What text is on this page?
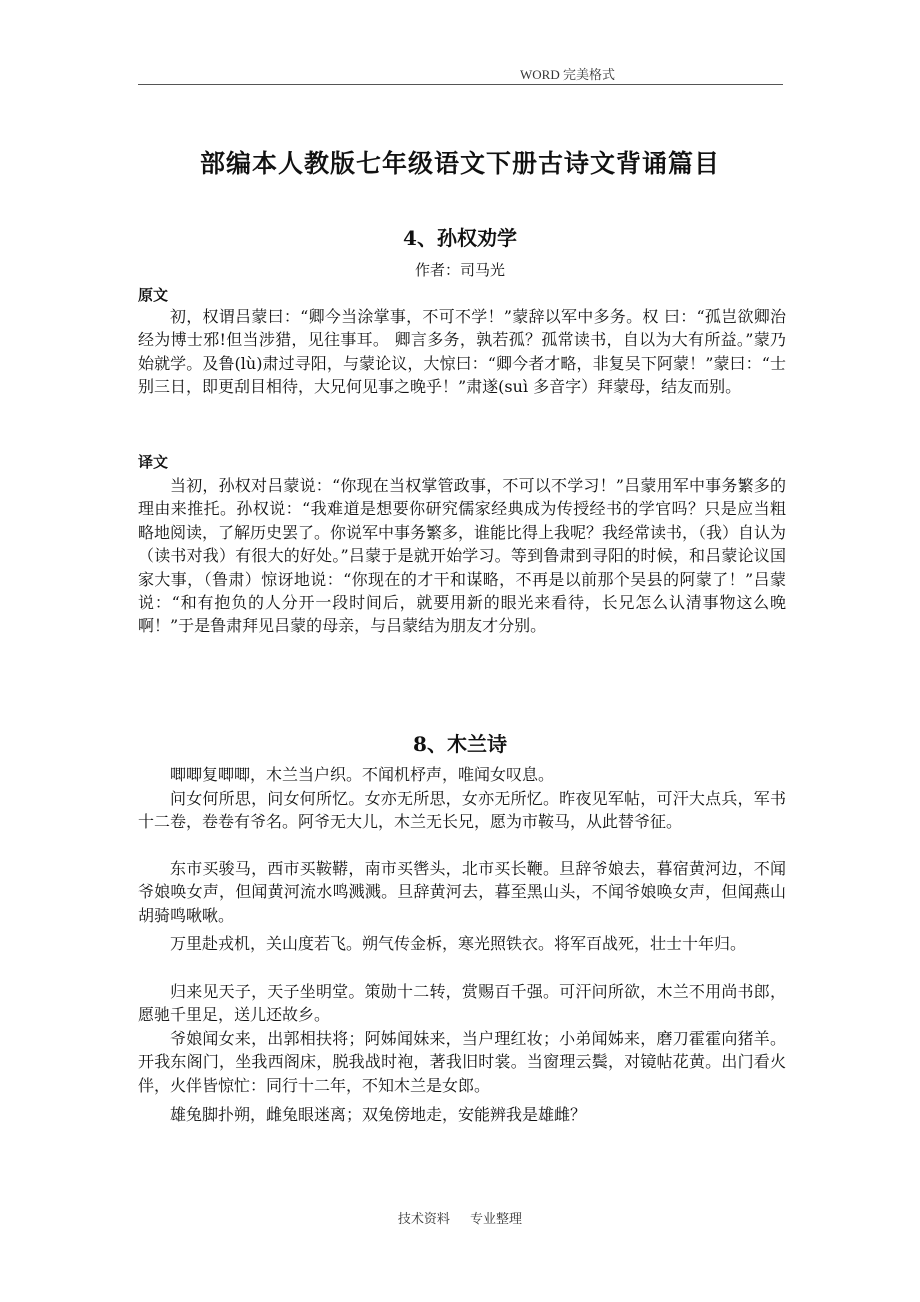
WORD 完美格式
部编本人教版七年级语文下册古诗文背诵篇目
4、孙权劝学
作者：司马光
原文

初，权谓吕蒙曰：“卿今当涂掌事，不可不学！”蒙辞以军中多务。权 曰：“孤岂欲卿治经为博士邪!但当涉猎，见往事耳。 卿言多务，孰若孤？孤常读书，自以为大有所益。”蒙乃始就学。及鲁(lù)肃过寻阳，与蒙论议，大惊曰：“卿今者才略，非复吴下阿蒙！”蒙曰：“士别三日，即更刮目相待，大兄何见事之晚乎！”肃遂(suì 多音字）拜蒙母，结友而别。

译文

当初，孙权对吕蒙说：“你现在当权掌管政事，不可以不学习！”吕蒙用军中事务繁多的理由来推托。孙权说：“我难道是想要你研究儒家经典成为传授经书的学官吗？只是应当粗略地阅读，了解历史罢了。你说军中事务繁多，谁能比得上我呢？我经常读书，（我）自认为（读书对我）有很大的好处。”吕蒙于是就开始学习。等到鲁肃到寻阳的时候，和吕蒙论议国家大事，（鲁肃）惊讶地说：“你现在的才干和谋略，不再是以前那个吴县的阿蒙了！”吕蒙说：“和有抱负的人分开一段时间后，就要用新的眼光来看待，长兄怎么认清事物这么晚啊！”于是鲁肃拜见吕蒙的母亲，与吕蒙结为朋友才分别。

8、木兰诗

唧唧复唧唧，木兰当户织。不闻机杼声，唯闻女叹息。

问女何所思，问女何所忆。女亦无所思，女亦无所忆。昨夜见军帖，可汗大点兵，军书十二卷，卷卷有爷名。阿爷无大儿，木兰无长兄，愿为市鞍马，从此替爷征。

东市买骏马，西市买鞍鞯，南市买辔头，北市买长鞭。旦辞爷娘去，暮宿黄河边，不闻爷娘唤女声，但闻黄河流水鸣溅溅。旦辞黄河去，暮至黑山头，不闻爷娘唤女声，但闻燕山胡骑鸣啾啾。

万里赴戎机，关山度若飞。朔气传金柝，寒光照铁衣。将军百战死，壮士十年归。

归来见天子，天子坐明堂。策勋十二转，赏赐百千强。可汗问所欲，木兰不用尚书郎，愿驰千里足，送儿还故乡。

爷娘闻女来，出郭相扶将；阿姊闻妹来，当户理红妆；小弟闻姊来，磨刀霍霍向猪羊。开我东阁门，坐我西阁床，脱我战时袍，著我旧时裳。当窗理云鬓，对镜帖花黄。出门看火伴，火伴皆惊忙：同行十二年，不知木兰是女郎。

雄兔脚扑朔，雌兔眼迷离；双兔傍地走，安能辨我是雄雌？

技术资料 专业整理
